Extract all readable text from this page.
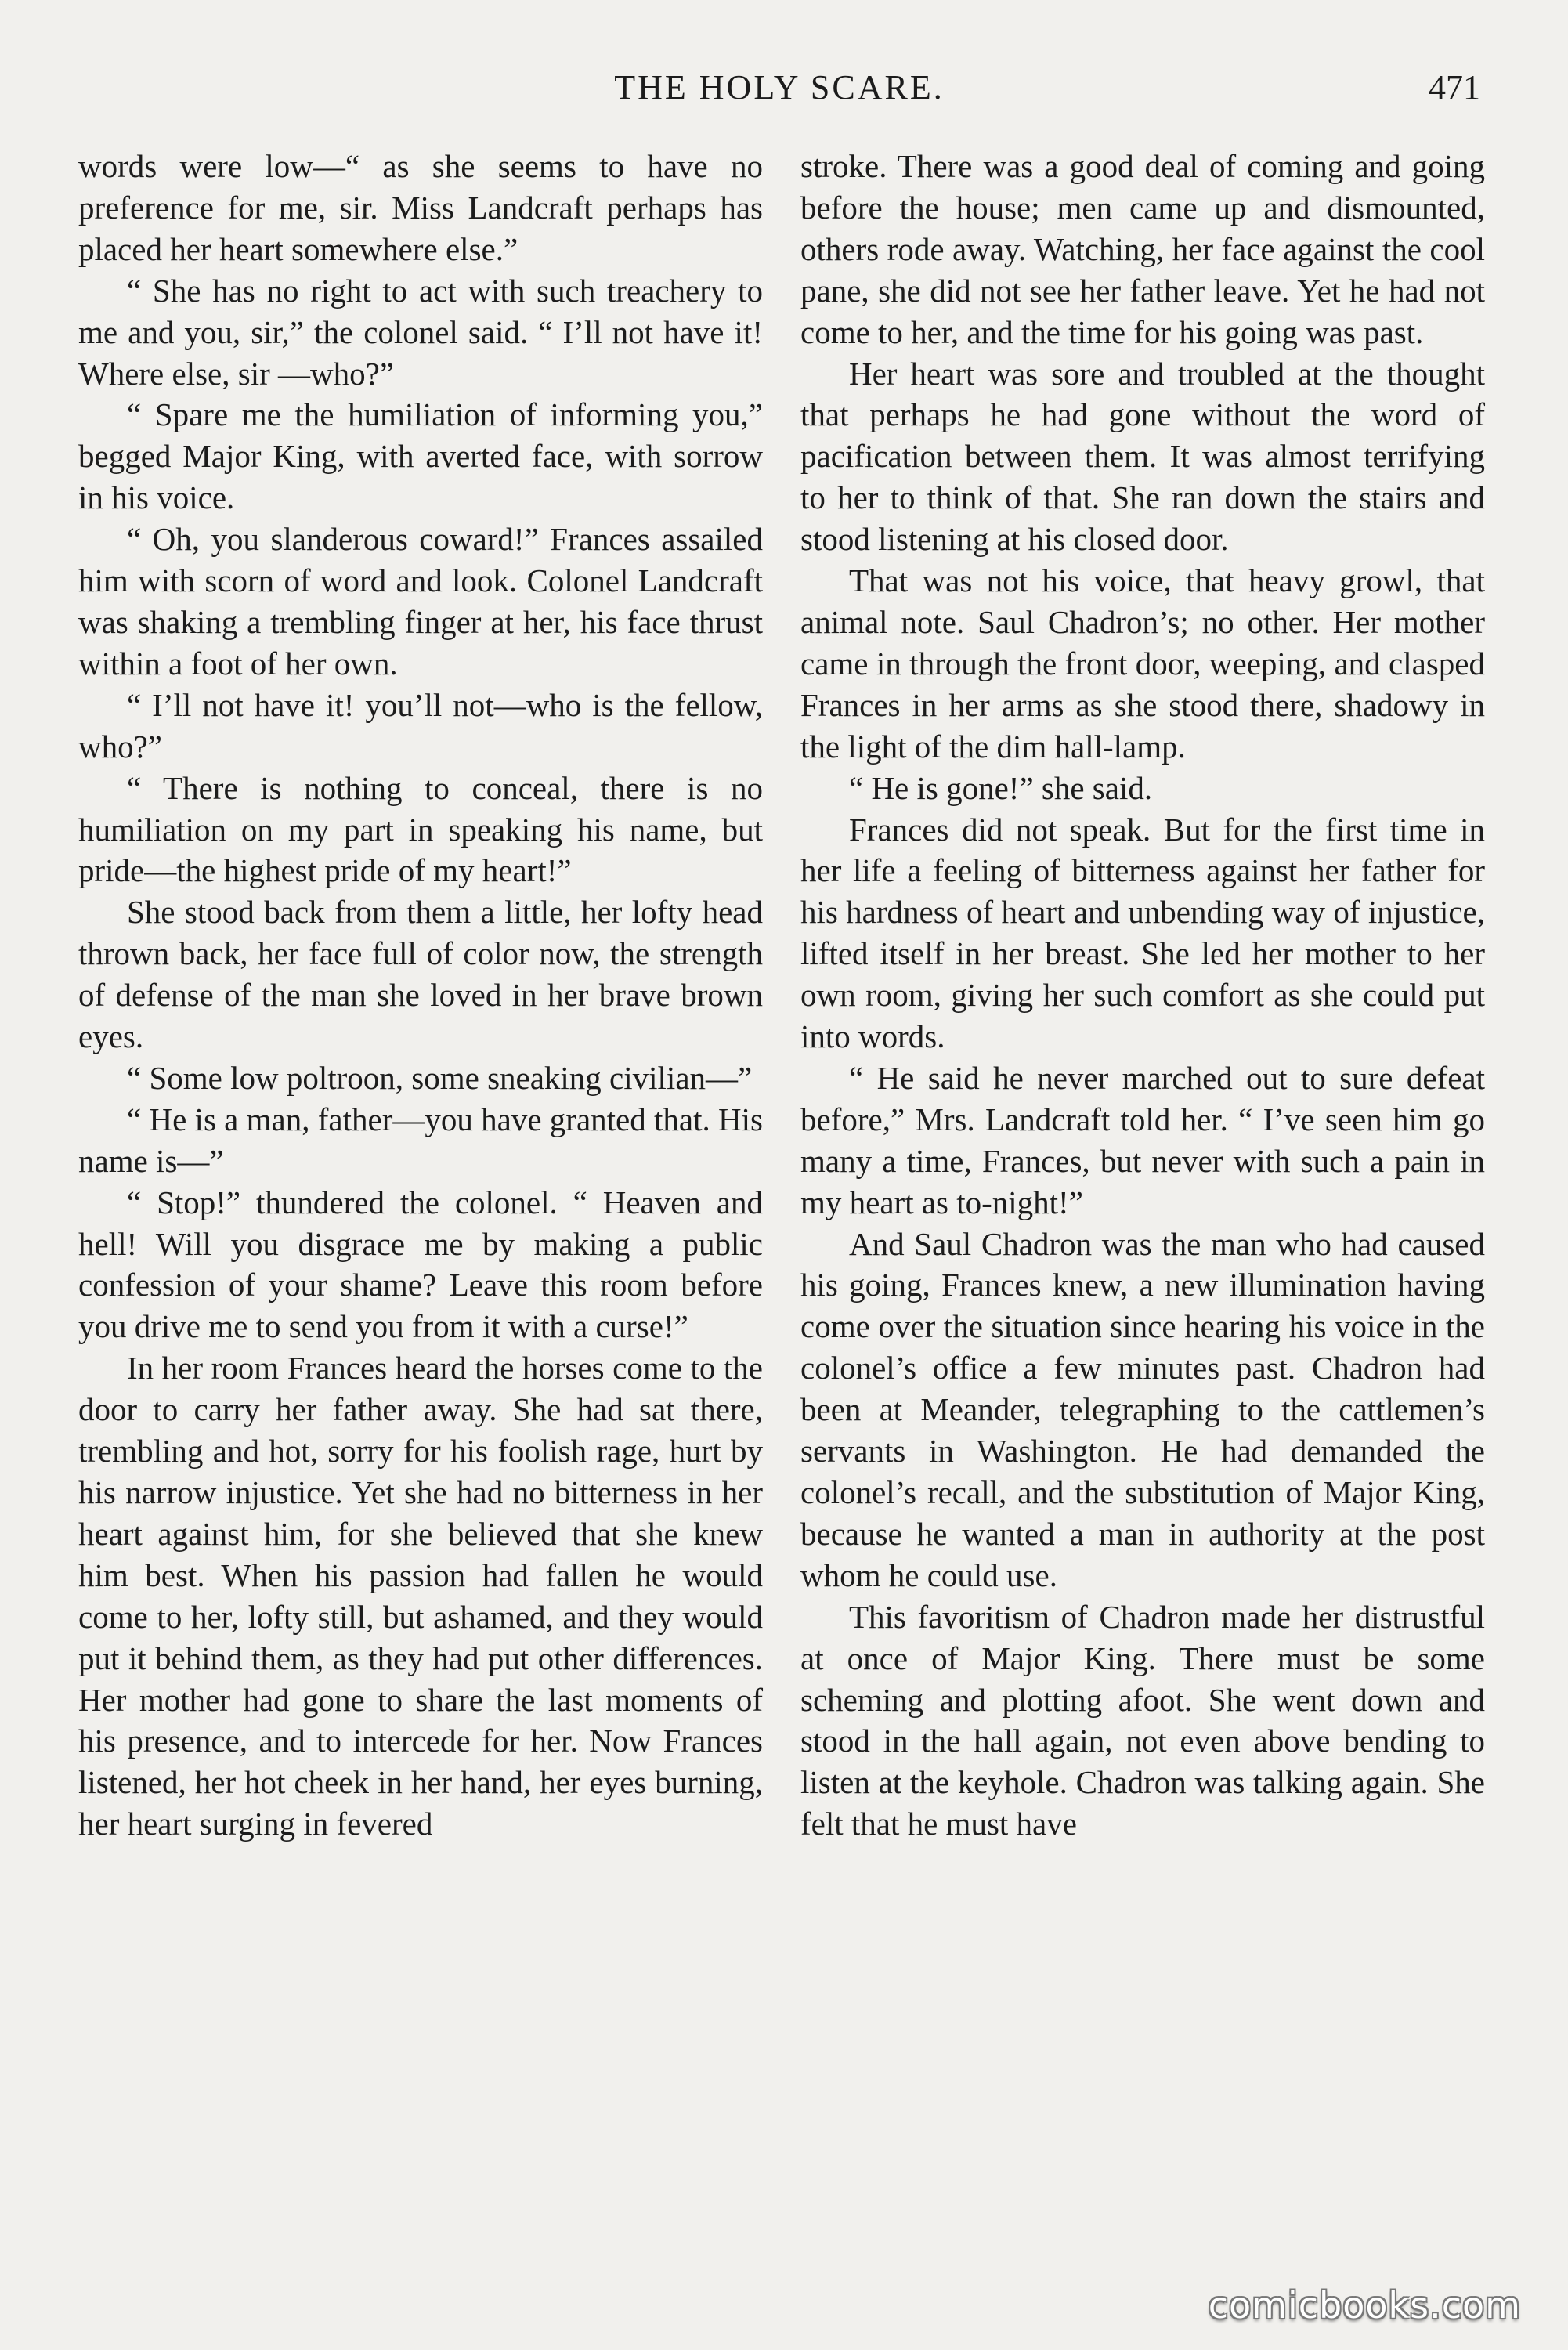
THE HOLY SCARE.	471

words were low—“ as she seems to have no preference for me, sir. Miss Landcraft perhaps has placed her heart somewhere else.”

“ She has no right to act with such treachery to me and you, sir,” the colonel said. “ I’ll not have it! Where else, sir —who?”

“ Spare me the humiliation of informing you,” begged Major King, with averted face, with sorrow in his voice.

“ Oh, you slanderous coward!” Frances assailed him with scorn of word and look. Colonel Landcraft was shaking a trembling finger at her, his face thrust within a foot of her own.

“ I’ll not have it! you’ll not—who is the fellow, who?”

“ There is nothing to conceal, there is no humiliation on my part in speaking his name, but pride—the highest pride of my heart!”

She stood back from them a little, her lofty head thrown back, her face full of color now, the strength of defense of the man she loved in her brave brown eyes.

“ Some low poltroon, some sneaking civilian—”

“ He is a man, father—you have granted that. His name is—”

“ Stop!” thundered the colonel. “ Heaven and hell! Will you disgrace me by making a public confession of your shame? Leave this room before you drive me to send you from it with a curse!”

In her room Frances heard the horses come to the door to carry her father away. She had sat there, trembling and hot, sorry for his foolish rage, hurt by his narrow injustice. Yet she had no bitterness in her heart against him, for she believed that she knew him best. When his passion had fallen he would come to her, lofty still, but ashamed, and they would put it behind them, as they had put other differences. Her mother had gone to share the last moments of his presence, and to intercede for her. Now Frances listened, her hot cheek in her hand, her eyes burning, her heart surging in fevered

stroke. There was a good deal of coming and going before the house; men came up and dismounted, others rode away. Watching, her face against the cool pane, she did not see her father leave. Yet he had not come to her, and the time for his going was past.

Her heart was sore and troubled at the thought that perhaps he had gone without the word of pacification between them. It was almost terrifying to her to think of that. She ran down the stairs and stood listening at his closed door.

That was not his voice, that heavy growl, that animal note. Saul Chadron’s; no other. Her mother came in through the front door, weeping, and clasped Frances in her arms as she stood there, shadowy in the light of the dim hall-lamp.

“ He is gone!” she said.

Frances did not speak. But for the first time in her life a feeling of bitterness against her father for his hardness of heart and unbending way of injustice, lifted itself in her breast. She led her mother to her own room, giving her such comfort as she could put into words.

“ He said he never marched out to sure defeat before,” Mrs. Landcraft told her. “ I’ve seen him go many a time, Frances, but never with such a pain in my heart as to-night!”

And Saul Chadron was the man who had caused his going, Frances knew, a new illumination having come over the situation since hearing his voice in the colonel’s office a few minutes past. Chadron had been at Meander, telegraphing to the cattlemen’s servants in Washington. He had demanded the colonel’s recall, and the substitution of Major King, because he wanted a man in authority at the post whom he could use.

This favoritism of Chadron made her distrustful at once of Major King. There must be some scheming and plotting afoot. She went down and stood in the hall again, not even above bending to listen at the keyhole. Chadron was talking again. She felt that he must have

comicbooks.com
